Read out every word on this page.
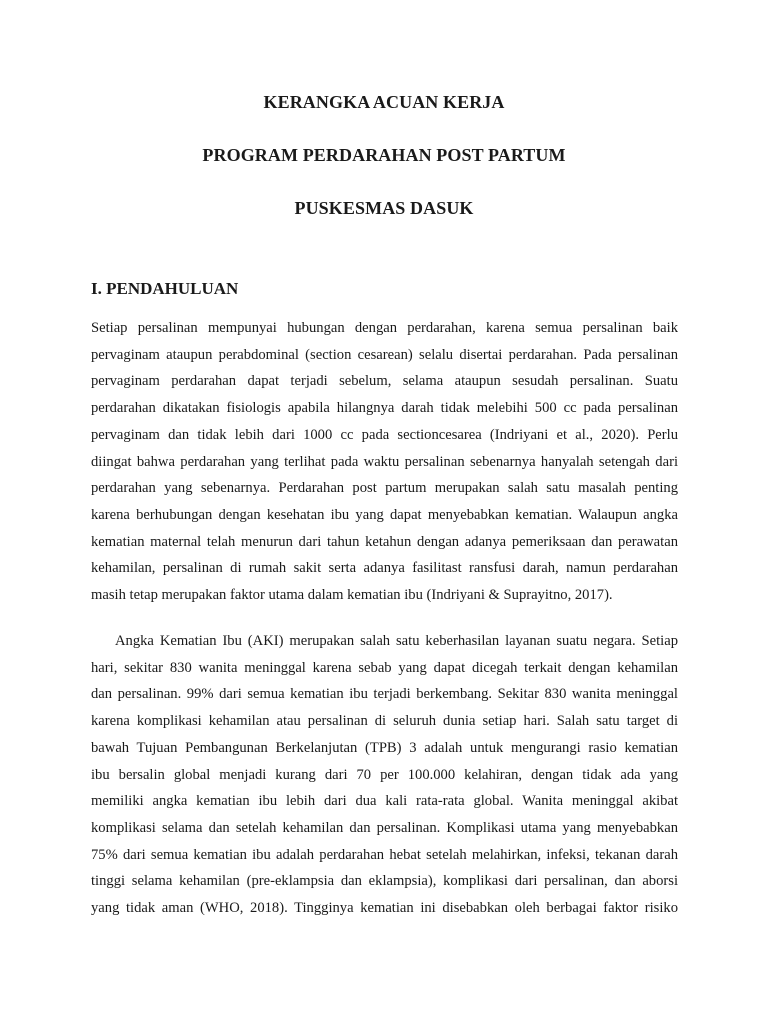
KERANGKA ACUAN KERJA

PROGRAM PERDARAHAN POST PARTUM

PUSKESMAS DASUK

I. PENDAHULUAN
Setiap persalinan mempunyai hubungan dengan perdarahan, karena semua persalinan baik
pervaginam ataupun perabdominal (section cesarean) selalu disertai perdarahan. Pada persalinan
pervaginam perdarahan dapat terjadi sebelum, selama ataupun sesudah persalinan. Suatu
perdarahan dikatakan fisiologis apabila hilangnya darah tidak melebihi 500 cc pada persalinan
pervaginam dan tidak lebih dari 1000 cc pada sectioncesarea (Indriyani et al., 2020). Perlu
diingat bahwa perdarahan yang terlihat pada waktu persalinan sebenarnya hanyalah setengah dari
perdarahan yang sebenarnya. Perdarahan post partum merupakan salah satu masalah penting
karena berhubungan dengan kesehatan ibu yang dapat menyebabkan kematian. Walaupun angka
kematian maternal telah menurun dari tahun ketahun dengan adanya pemeriksaan dan perawatan
kehamilan, persalinan di rumah sakit serta adanya fasilitast ransfusi darah, namun perdarahan
masih tetap merupakan faktor utama dalam kematian ibu (Indriyani & Suprayitno, 2017).
Angka Kematian Ibu (AKI) merupakan salah satu keberhasilan layanan suatu negara. Setiap
hari, sekitar 830 wanita meninggal karena sebab yang dapat dicegah terkait dengan kehamilan
dan persalinan. 99% dari semua kematian ibu terjadi berkembang. Sekitar 830 wanita meninggal
karena komplikasi kehamilan atau persalinan di seluruh dunia setiap hari. Salah satu target di
bawah Tujuan Pembangunan Berkelanjutan (TPB) 3 adalah untuk mengurangi rasio kematian
ibu bersalin global menjadi kurang dari 70 per 100.000 kelahiran, dengan tidak ada yang
memiliki angka kematian ibu lebih dari dua kali rata-rata global. Wanita meninggal akibat
komplikasi selama dan setelah kehamilan dan persalinan. Komplikasi utama yang menyebabkan
75% dari semua kematian ibu adalah perdarahan hebat setelah melahirkan, infeksi, tekanan darah
tinggi selama kehamilan (pre-eklampsia dan eklampsia), komplikasi dari persalinan, dan aborsi
yang tidak aman (WHO, 2018). Tingginya kematian ini disebabkan oleh berbagai faktor risiko
